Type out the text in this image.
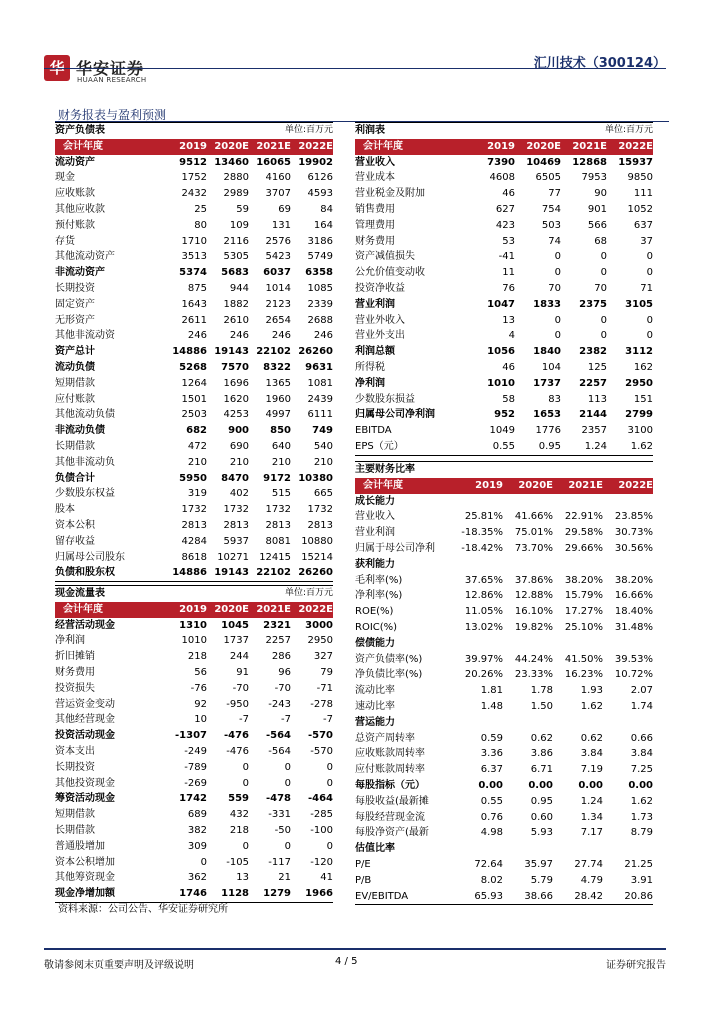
华 华安证券
HUAAN RESEARCH
汇川技术（300124）
财务报表与盈利预测
资产负债表	单位:百万元
会计年度	2019 2020E 2021E 2022E
流动资产	9512 13460 16065 19902
现金	1752	2880	4160	6126
应收账款	2432	2989	3707	4593
其他应收款	25	59	69	84
预付账款	80	109	131	164
存货	1710	2116	2576	3186
其他流动资产	3513	5305	5423	5749
非流动资产	5374	5683	6037	6358
长期投资	875	944	1014	1085
固定资产	1643	1882	2123	2339
无形资产	2611	2610	2654	2688
其他非流动资	246	246	246	246
资产总计	14886 19143 22102 26260
流动负债	5268	7570	8322	9631
短期借款	1264	1696	1365	1081
应付账款	1501	1620	1960	2439
其他流动负债	2503	4253	4997	6111
非流动负债	682	900	850	749
长期借款	472	690	640	540
其他非流动负	210	210	210	210
负债合计	5950	8470	9172 10380
少数股东权益	319	402	515	665
股本	1732	1732	1732	1732
资本公积	2813	2813	2813	2813
留存收益	4284	5937	8081	10880
归属母公司股东	8618	10271	12415	15214
负债和股东权	14886 19143 22102 26260
利润表	单位:百万元
会计年度	2019	2020E	2021E	2022E
营业收入	7390	10469	12868	15937
营业成本	4608	6505	7953	9850
营业税金及附加	46	77	90	111
销售费用	627	754	901	1052
管理费用	423	503	566	637
财务费用	53	74	68	37
资产减值损失	-41	0	0	0
公允价值变动收	11	0	0	0
投资净收益	76	70	70	71
营业利润	1047	1833	2375	3105
营业外收入	13	0	0	0
营业外支出	4	0	0	0
利润总额	1056	1840	2382	3112
所得税	46	104	125	162
净利润	1010	1737	2257	2950
少数股东损益	58	83	113	151
归属母公司净利润	952	1653	2144	2799
EBITDA	1049	1776	2357	3100
EPS（元）	0.55	0.95	1.24	1.62
主要财务比率
会计年度	2019	2020E	2021E	2022E
成长能力
营业收入	25.81%	41.66%	22.91%	23.85%
营业利润	-18.35%	75.01%	29.58%	30.73%
归属于母公司净利	-18.42%	73.70%	29.66%	30.56%
获利能力
毛利率(%)	37.65%	37.86%	38.20%	38.20%
净利率(%)	12.86%	12.88%	15.79%	16.66%
ROE(%)	11.05%	16.10%	17.27%	18.40%
ROIC(%)	13.02%	19.82%	25.10%	31.48%
偿债能力
资产负债率(%)	39.97%	44.24%	41.50%	39.53%
净负债比率(%)	20.26%	23.33%	16.23%	10.72%
流动比率	1.81	1.78	1.93	2.07
速动比率	1.48	1.50	1.62	1.74
营运能力
总资产周转率	0.59	0.62	0.62	0.66
应收账款周转率	3.36	3.86	3.84	3.84
应付账款周转率	6.37	6.71	7.19	7.25
每股指标（元）	0.00	0.00	0.00	0.00
每股收益(最新摊	0.55	0.95	1.24	1.62
每股经营现金流	0.76	0.60	1.34	1.73
每股净资产(最新	4.98	5.93	7.17	8.79
估值比率
P/E	72.64	35.97	27.74	21.25
P/B	8.02	5.79	4.79	3.91
EV/EBITDA	65.93	38.66	28.42	20.86
现金流量表	单位:百万元
会计年度	2019 2020E 2021E 2022E
经营活动现金	1310	1045	2321	3000
净利润	1010	1737	2257	2950
折旧摊销	218	244	286	327
财务费用	56	91	96	79
投资损失	-76	-70	-70	-71
营运资金变动	92	-950	-243	-278
其他经营现金	10	-7	-7	-7
投资活动现金	-1307	-476	-564	-570
资本支出	-249	-476	-564	-570
长期投资	-789	0	0	0
其他投资现金	-269	0	0	0
筹资活动现金	1742	559	-478	-464
短期借款	689	432	-331	-285
长期借款	382	218	-50	-100
普通股增加	309	0	0	0
资本公积增加	0	-105	-117	-120
其他筹资现金	362	13	21	41
现金净增加额	1746	1128	1279	1966
资料来源：公司公告、华安证券研究所
敬请参阅末页重要声明及评级说明	4 / 5	证券研究报告
